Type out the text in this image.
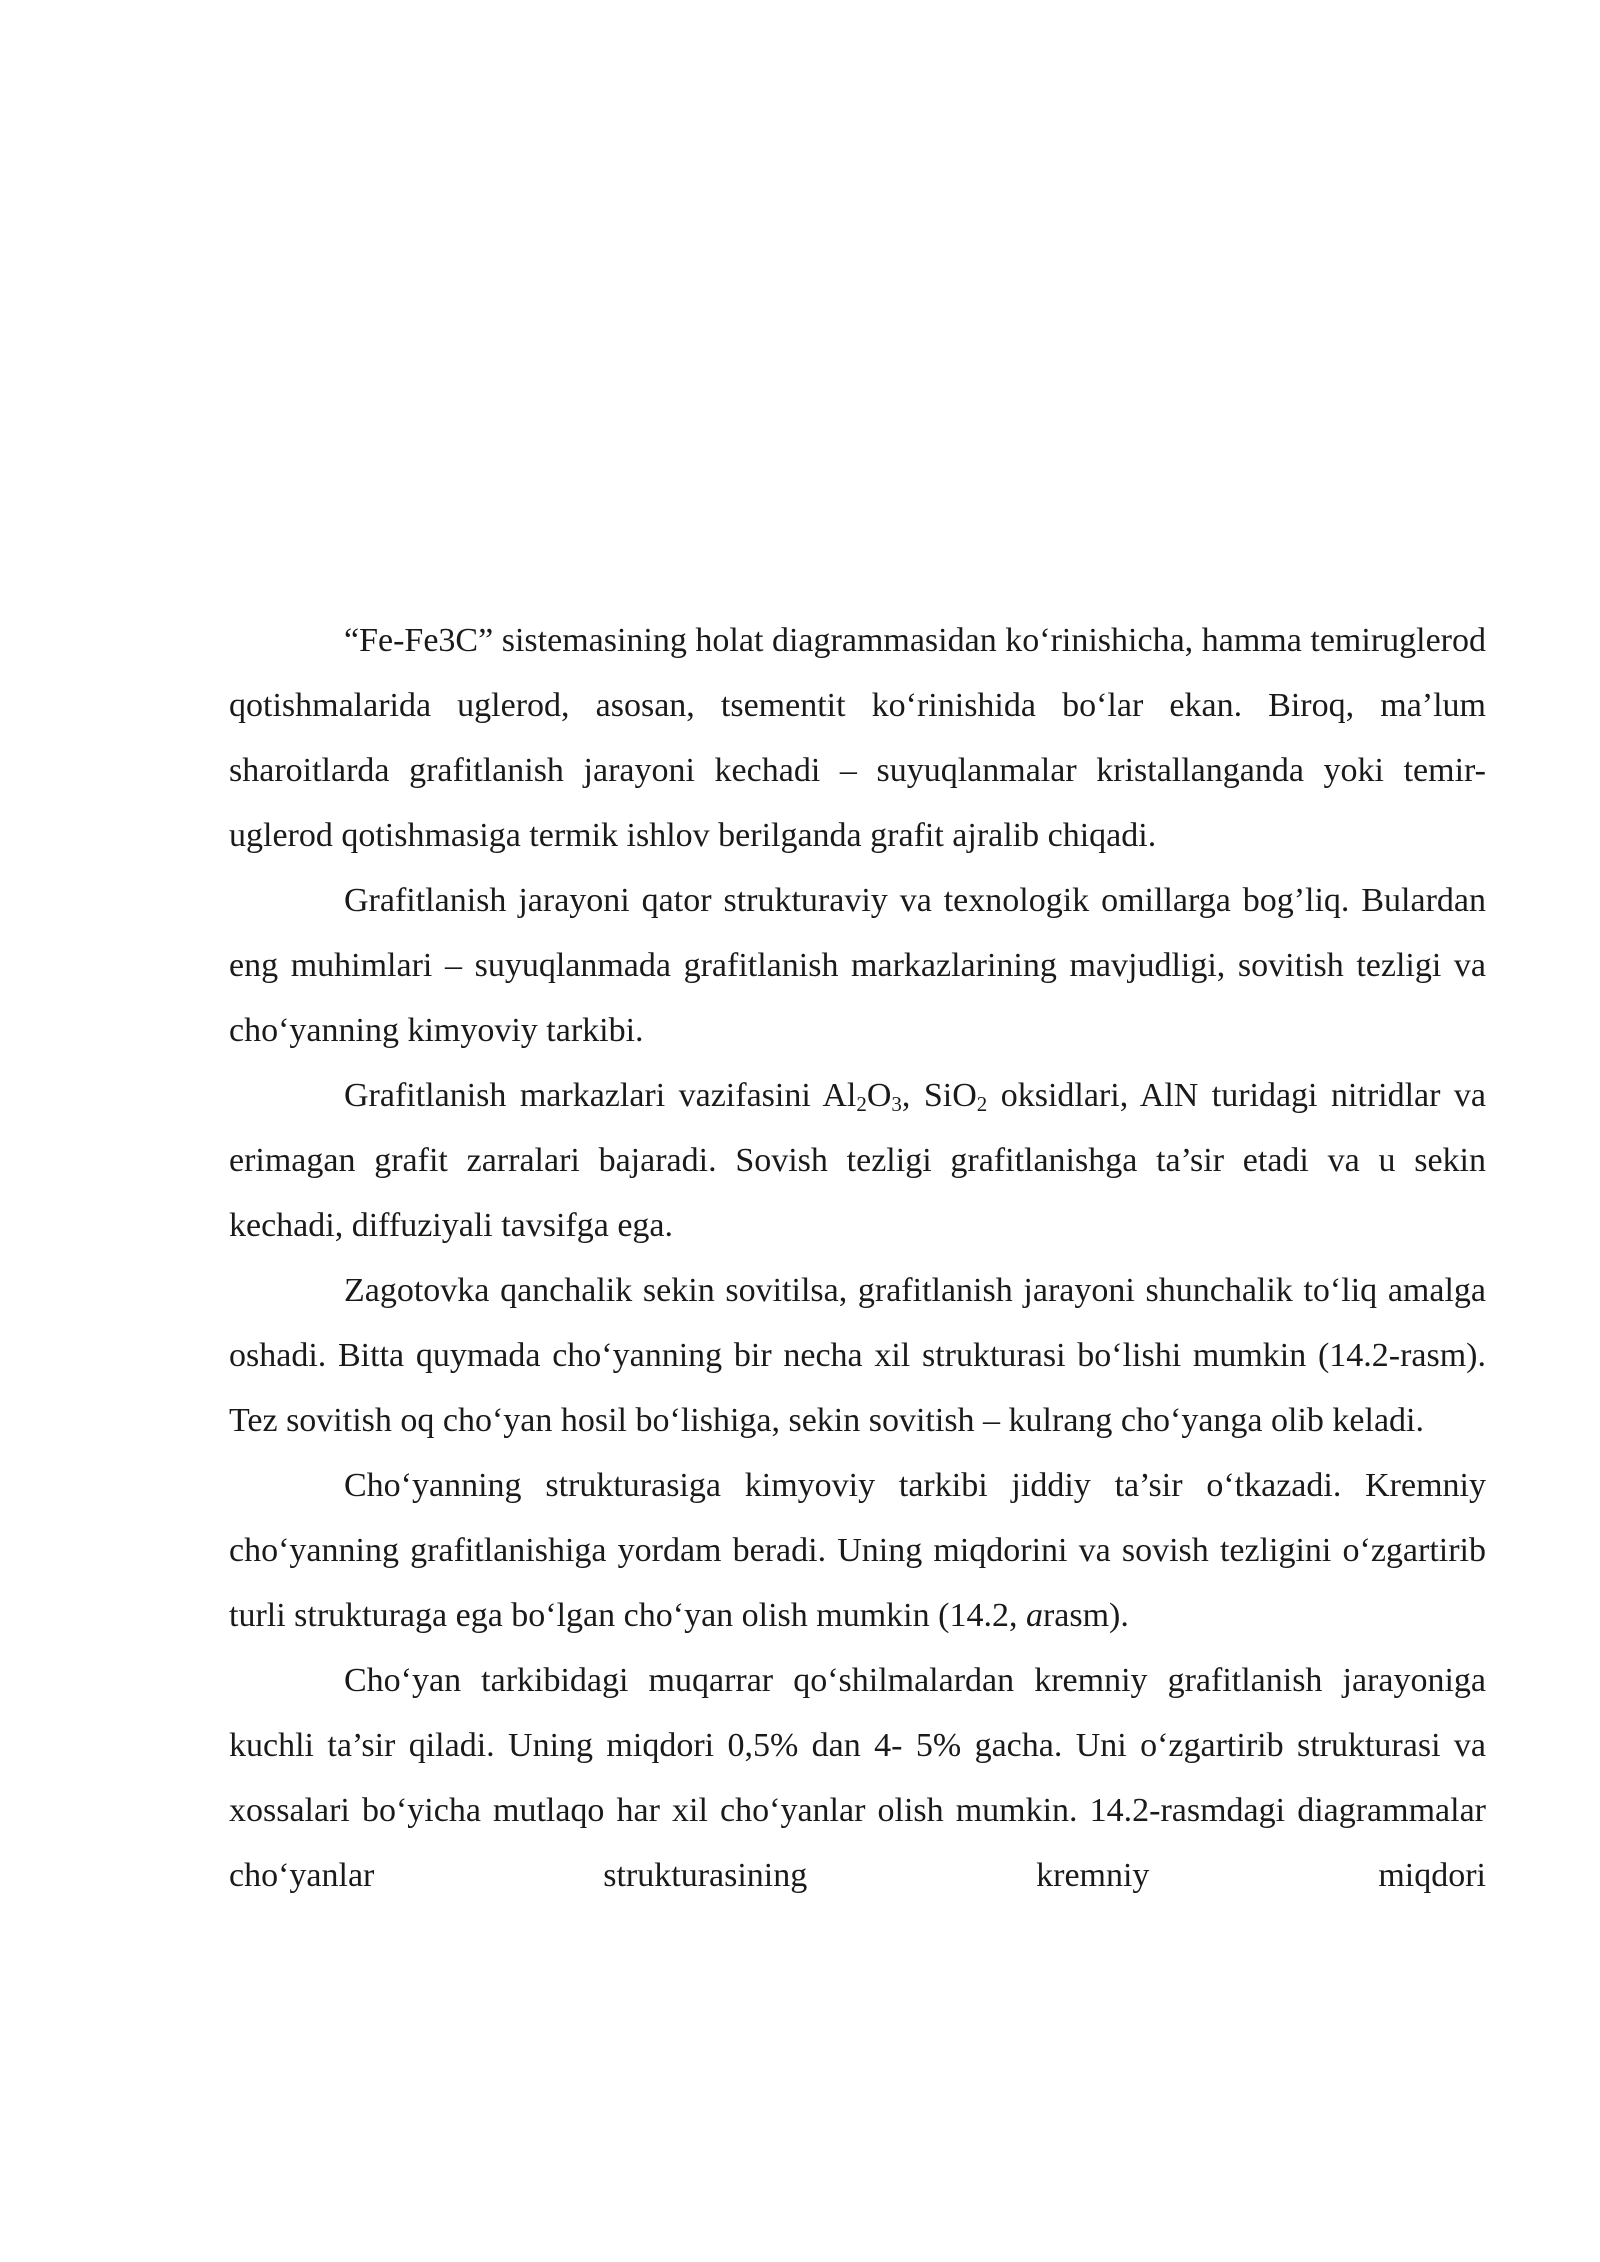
“Fe-Fe3C” sistemasining holat diagrammasidan ko‘rinishicha, hamma temiruglerod qotishmalarida uglerod, asosan, tsementit ko‘rinishida bo‘lar ekan. Biroq, ma’lum sharoitlarda grafitlanish jarayoni kechadi – suyuqlanmalar kristallanganda yoki temir-uglerod qotishmasiga termik ishlov berilganda grafit ajralib chiqadi.

Grafitlanish jarayoni qator strukturaviy va texnologik omillarga bog’liq. Bulardan eng muhimlari – suyuqlanmada grafitlanish markazlarining mavjudligi, sovitish tezligi va cho‘yanning kimyoviy tarkibi.

Grafitlanish markazlari vazifasini $Al_2O_3$, SiO$_2$ oksidlari, AlN turidagi nitridlar va erimagan grafit zarralari bajaradi. Sovish tezligi grafitlanishga ta’sir etadi va u sekin kechadi, diffuziyali tavsifga ega.

Zagotovka qanchalik sekin sovitilsa, grafitlanish jarayoni shunchalik to‘liq amalga oshadi. Bitta quymada cho‘yanning bir necha xil strukturasi bo‘lishi mumkin (14.2-rasm). Tez sovitish oq cho‘yan hosil bo‘lishiga, sekin sovitish – kulrang cho‘yanga olib keladi.

Cho‘yanning strukturasiga kimyoviy tarkibi jiddiy ta’sir o‘tkazadi. Kremniy cho‘yanning grafitlanishiga yordam beradi. Uning miqdorini va sovish tezligini o‘zgartirib turli strukturaga ega bo‘lgan cho‘yan olish mumkin (14.2, arasm).

Cho‘yan tarkibidagi muqarrar qo‘shilmalardan kremniy grafitlanish jarayoniga kuchli ta’sir qiladi. Uning miqdori 0,5% dan 4- 5% gacha. Uni o‘zgartirib strukturasi va xossalari bo‘yicha mutlaqo har xil cho‘yanlar olish mumkin. 14.2-rasmdagi diagrammalar cho‘yanlar strukturasining kremniy miqdori
